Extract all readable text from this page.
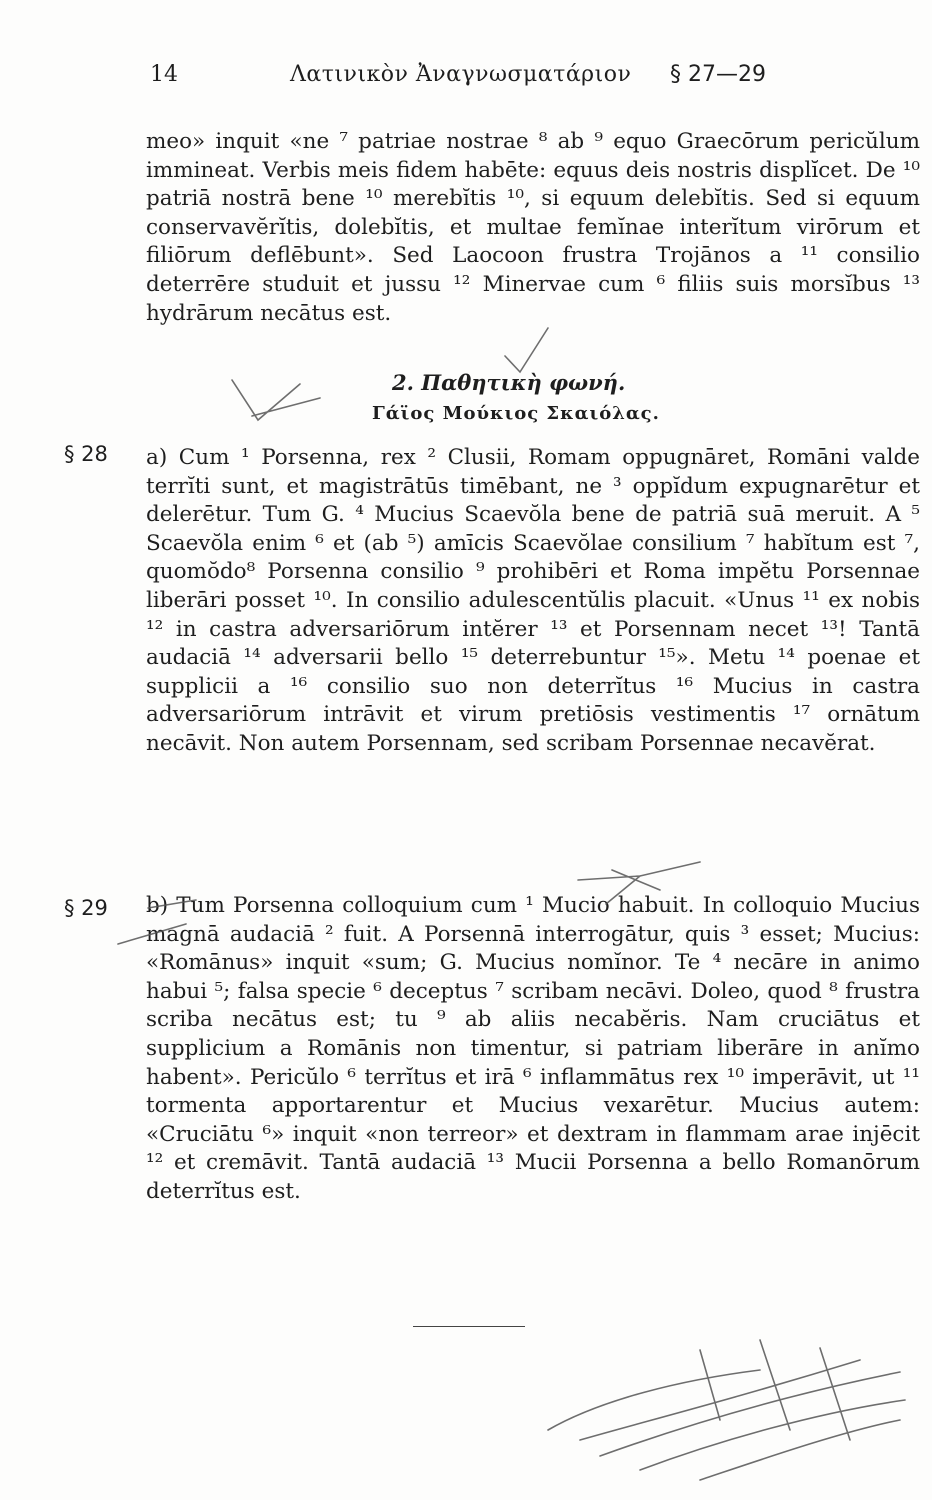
14	Λατινικὸν Ἀναγνωσματάριον § 27—29

meo» inquit «ne ⁷ patriae nostrae ⁸ ab ⁹ equo Graecōrum pericŭlum immineat. Verbis meis fidem habēte: equus deis nostris displĭcet. De ¹⁰ patriā nostrā bene ¹⁰ merebĭtis ¹⁰, si equum delebĭtis. Sed si equum conservavĕrĭtis, dolebĭtis, et multae femĭnae interĭtum virōrum et filiōrum deflēbunt». Sed Laocoon frustra Trojānos a ¹¹ consilio deterrēre studuit et jussu ¹² Minervae cum ⁶ filiis suis morsĭbus ¹³ hydrārum necātus est.

2. Παθητικὴ φωνή.
Γάϊος Μούκιος Σκαιόλας.
§ 28 a) Cum ¹ Porsenna, rex ² Clusii, Romam oppugnāret, Romāni valde terrĭti sunt, et magistrātūs timēbant, ne ³ oppĭdum expugnarētur et delerētur. Tum G. ⁴ Mucius Scaevŏla bene de patriā suā meruit. A ⁵ Scaevŏla enim ⁶ et (ab ⁵) amīcis Scaevŏlae consilium ⁷ habĭtum est ⁷, quomŏdo⁸ Porsenna consilio ⁹ prohibēri et Roma impĕtu Porsennae liberāri posset ¹⁰. In consilio adulescentŭlis placuit. «Unus ¹¹ ex nobis ¹² in castra adversariōrum intĕrer ¹³ et Porsennam necet ¹³! Tantā audaciā ¹⁴ adversarii bello ¹⁵ deterrebuntur ¹⁵». Metu ¹⁴ poenae et supplicii a ¹⁶ consilio suo non deterrĭtus ¹⁶ Mucius in castra adversariōrum intrāvit et virum pretiōsis vestimentis ¹⁷ ornātum necāvit. Non autem Porsennam, sed scribam Porsennae necavĕrat.

§ 29 b) Tum Porsenna colloquium cum ¹ Mucio habuit. In colloquio Mucius magnā audaciā ² fuit. A Porsennā interrogātur, quis ³ esset; Mucius: «Romānus» inquit «sum; G. Mucius nomĭnor. Te ⁴ necāre in animo habui ⁵; falsa specie ⁶ deceptus ⁷ scribam necāvi. Doleo, quod ⁸ frustra scriba necātus est; tu ⁹ ab aliis necabĕris. Nam cruciātus et supplicium a Romānis non timentur, si patriam liberāre in anĭmo habent». Pericŭlo ⁶ terrĭtus et irā ⁶ inflammātus rex ¹⁰ imperāvit, ut ¹¹ tormenta apportarentur et Mucius vexarētur. Mucius autem: «Cruciātu ⁶» inquit «non terreor» et dextram in flammam arae injēcit ¹² et cremāvit. Tantā audaciā ¹³ Mucii Porsenna a bello Romanōrum deterrĭtus est.
